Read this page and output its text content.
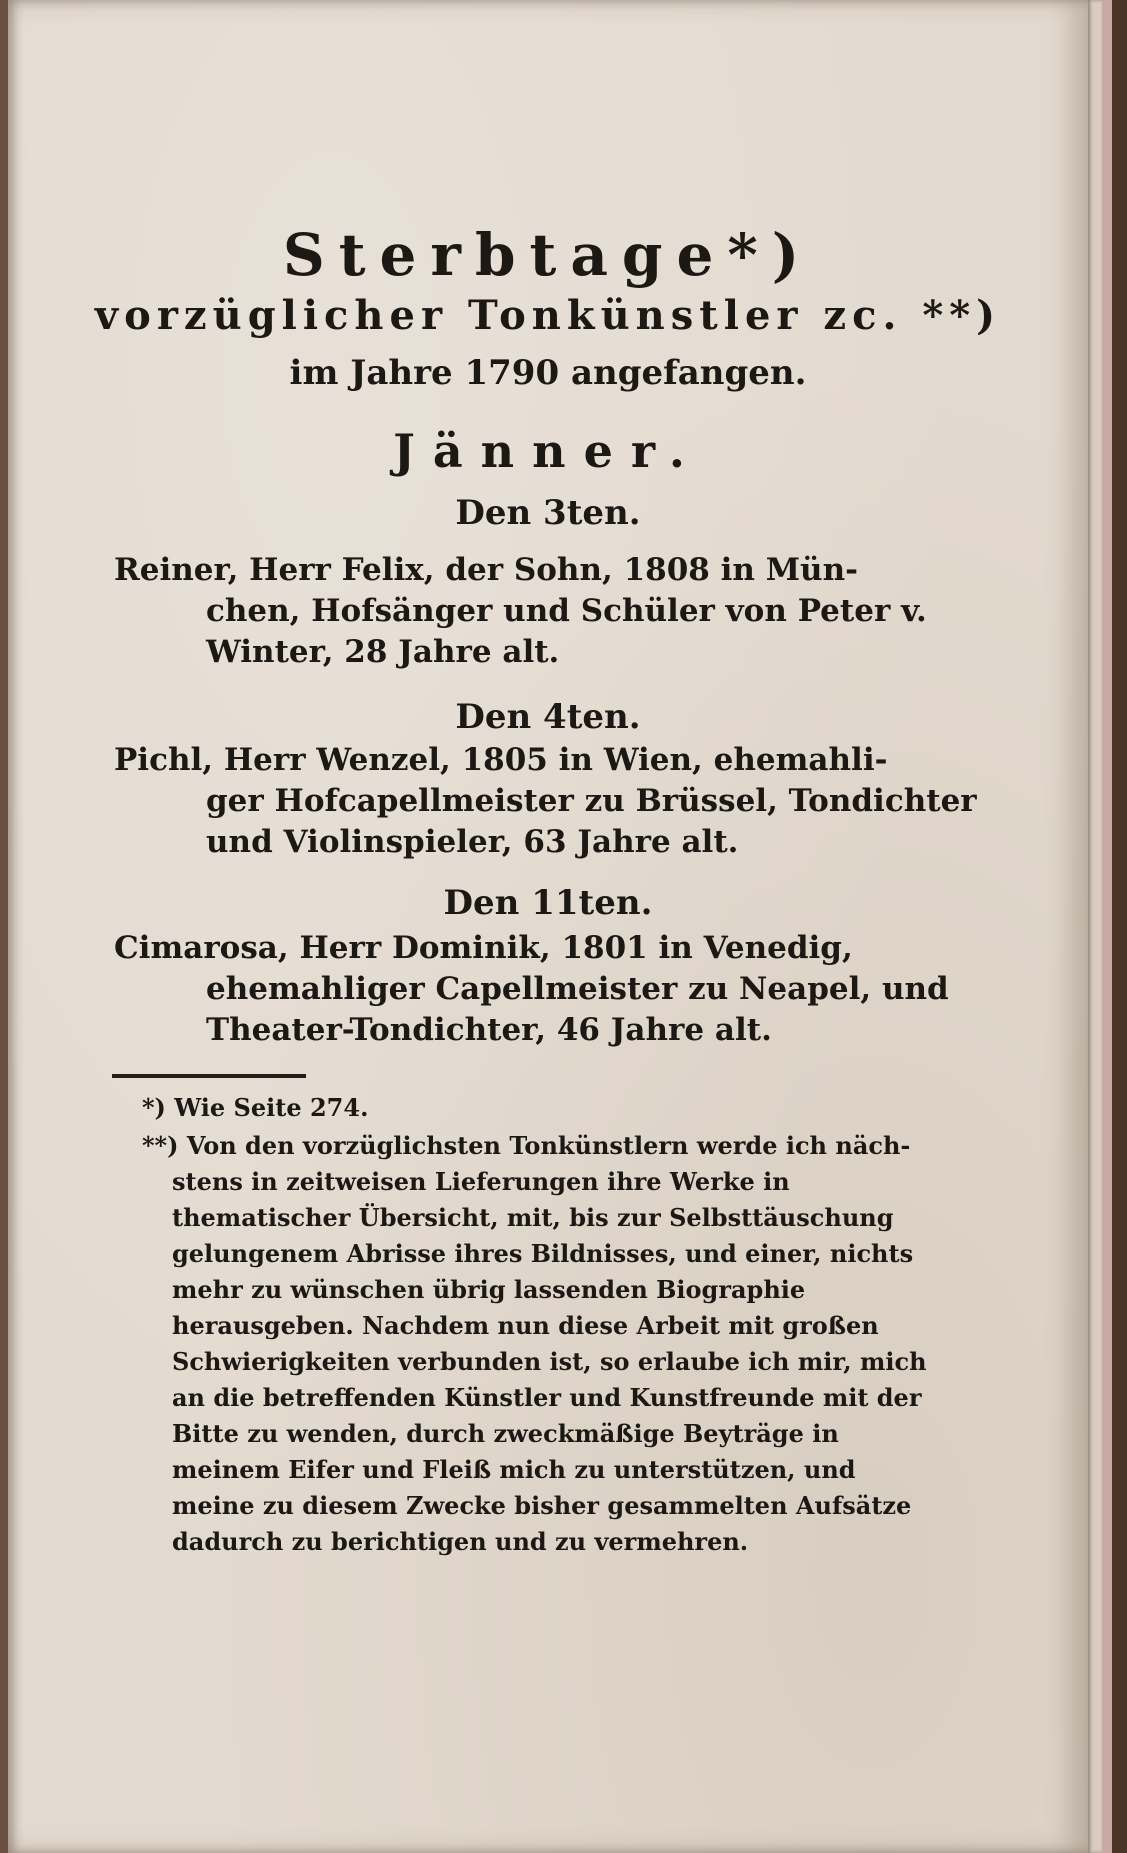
Sterbtage*)
vorzüglicher Tonkünstler zc. **)
im Jahre 1790 angefangen.
Jänner.
Den 3ten.
Reiner, Herr Felix, der Sohn, 1808 in Mün-
chen, Hofsänger und Schüler von Peter v. Winter, 28 Jahre alt.
Den 4ten.
Pichl, Herr Wenzel, 1805 in Wien, ehemahli-
ger Hofcapellmeister zu Brüssel, Tondichter und Violinspieler, 63 Jahre alt.
Den 11ten.
Cimarosa, Herr Dominik, 1801 in Venedig,
ehemahliger Capellmeister zu Neapel, und Theater-Tondichter, 46 Jahre alt.
*) Wie Seite 274.
**) Von den vorzüglichsten Tonkünstlern werde ich näch-
stens in zeitweisen Lieferungen ihre Werke in thematischer Übersicht, mit, bis zur Selbsttäuschung gelungenem Abrisse ihres Bildnisses, und einer, nichts mehr zu wünschen übrig lassenden Biographie herausgeben. Nachdem nun diese Arbeit mit großen Schwierigkeiten verbunden ist, so erlaube ich mir, mich an die betreffenden Künstler und Kunstfreunde mit der Bitte zu wenden, durch zweckmäßige Beyträge in meinem Eifer und Fleiß mich zu unterstützen, und meine zu diesem Zwecke bisher gesammelten Aufsätze dadurch zu berichtigen und zu vermehren.
